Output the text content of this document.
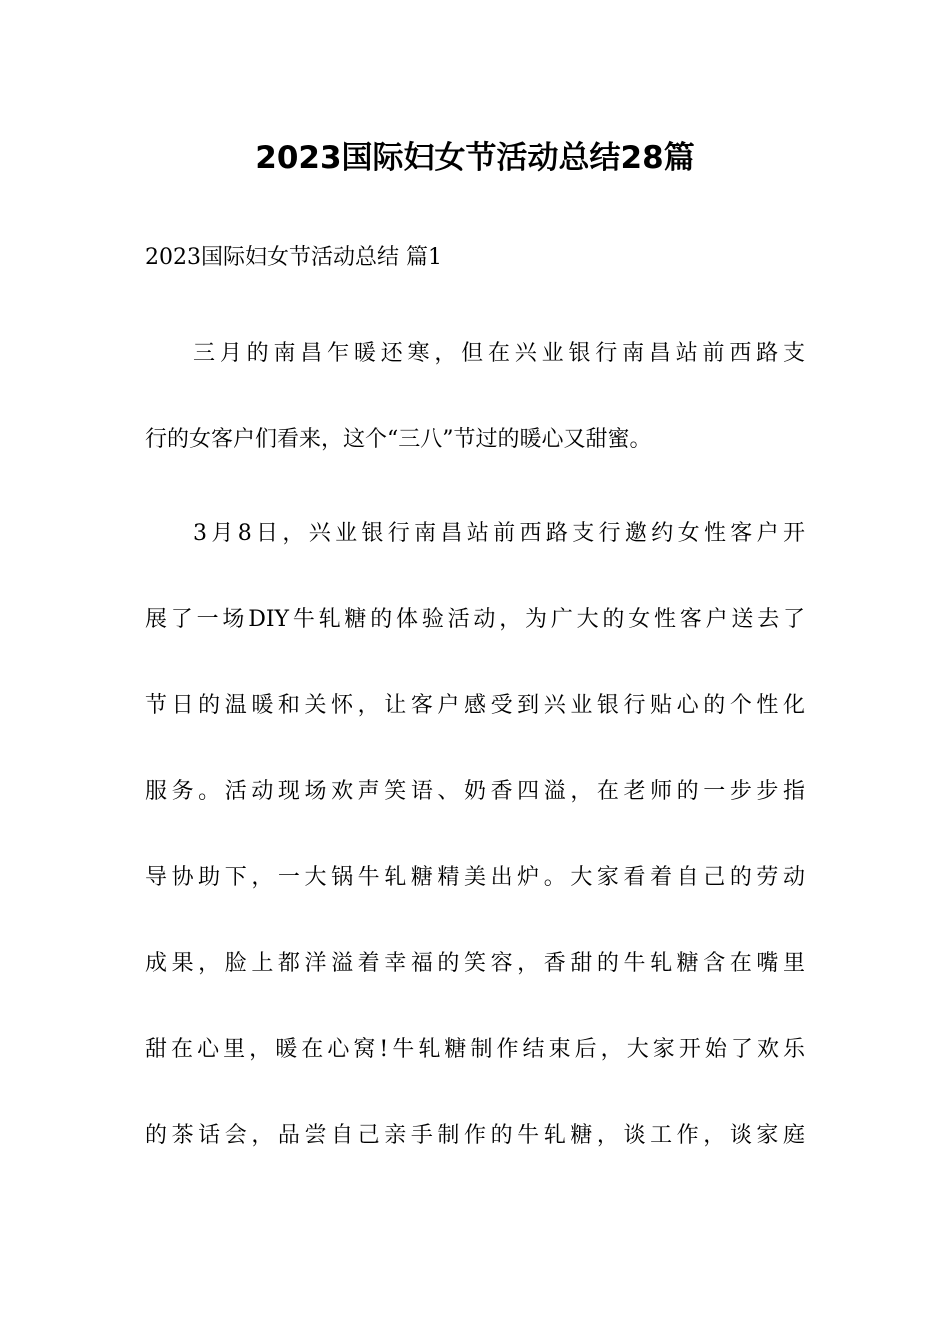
2023国际妇女节活动总结28篇

2023国际妇女节活动总结 篇1

三月的南昌乍暖还寒，但在兴业银行南昌站前西路支

行的女客户们看来，这个“三八”节过的暖心又甜蜜。

3月8日，兴业银行南昌站前西路支行邀约女性客户开

展了一场DIY牛轧糖的体验活动，为广大的女性客户送去了

节日的温暖和关怀，让客户感受到兴业银行贴心的个性化

服务。活动现场欢声笑语、奶香四溢，在老师的一步步指

导协助下，一大锅牛轧糖精美出炉。大家看着自己的劳动

成果，脸上都洋溢着幸福的笑容，香甜的牛轧糖含在嘴里

甜在心里，暖在心窝!牛轧糖制作结束后，大家开始了欢乐

的茶话会，品尝自己亲手制作的牛轧糖，谈工作，谈家庭
